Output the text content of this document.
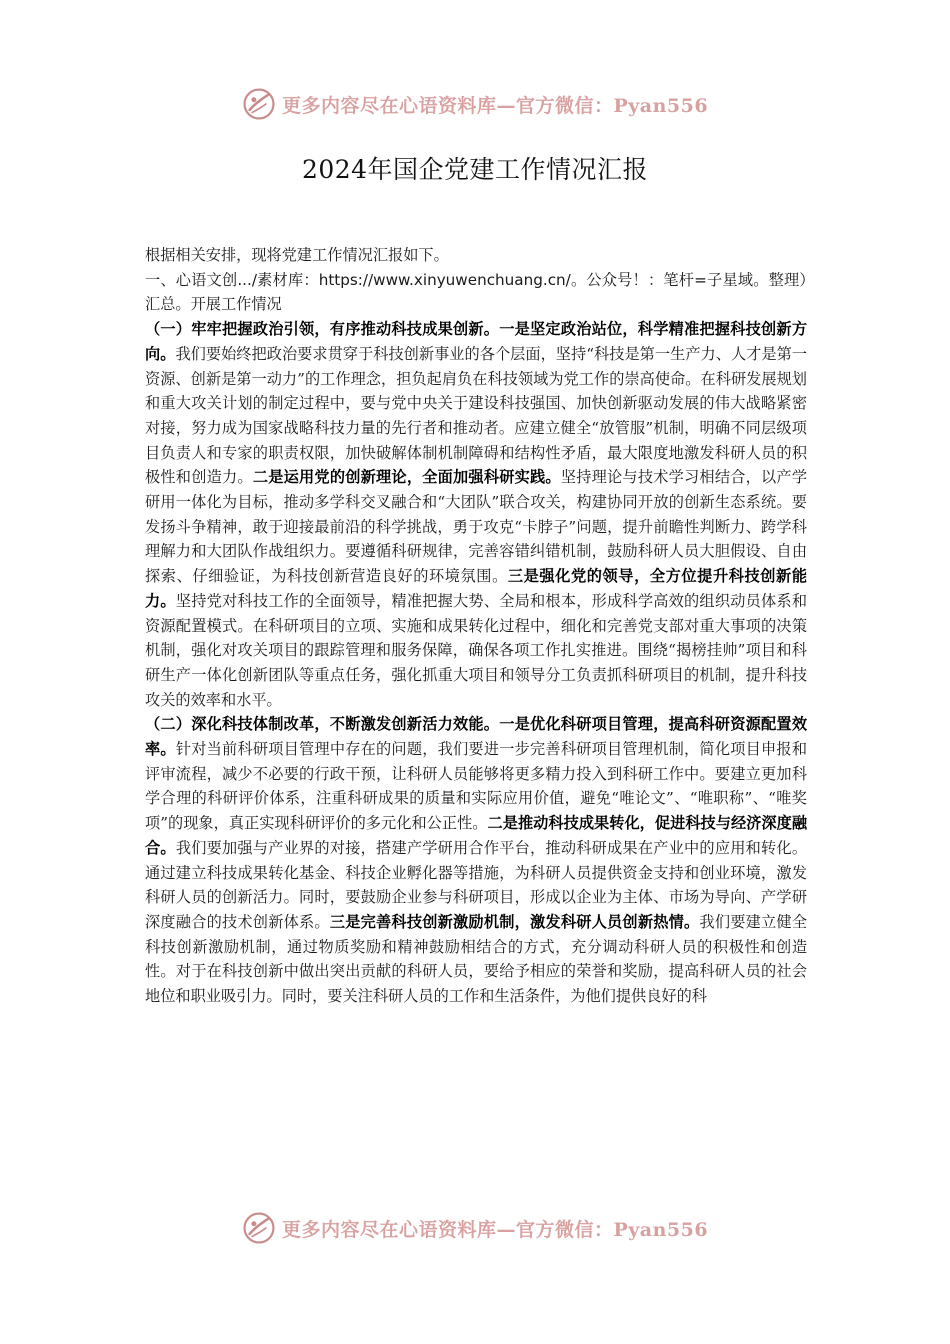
更多内容尽在心语资料库—官方微信：Pyan556
2024年国企党建工作情况汇报

根据相关安排，现将党建工作情况汇报如下。

一、心语文创.../素材库：https://www.xinyuwenchuang.cn/。公众号！：笔杆=子星域。整理）汇总。开展工作情况

（一）牢牢把握政治引领，有序推动科技成果创新。一是坚定政治站位，科学精准把握科技创新方向。我们要始终把政治要求贯穿于科技创新事业的各个层面，坚持“科技是第一生产力、人才是第一资源、创新是第一动力”的工作理念，担负起肩负在科技领域为党工作的崇高使命。在科研发展规划和重大攻关计划的制定过程中，要与党中央关于建设科技强国、加快创新驱动发展的伟大战略紧密对接，努力成为国家战略科技力量的先行者和推动者。应建立健全“放管服”机制，明确不同层级项目负责人和专家的职责权限，加快破解体制机制障碍和结构性矛盾，最大限度地激发科研人员的积极性和创造力。二是运用党的创新理论，全面加强科研实践。坚持理论与技术学习相结合，以产学研用一体化为目标，推动多学科交叉融合和“大团队”联合攻关，构建协同开放的创新生态系统。要发扬斗争精神，敢于迎接最前沿的科学挑战，勇于攻克“卡脖子”问题，提升前瞻性判断力、跨学科理解力和大团队作战组织力。要遵循科研规律，完善容错纠错机制，鼓励科研人员大胆假设、自由探索、仔细验证，为科技创新营造良好的环境氛围。三是强化党的领导，全方位提升科技创新能力。坚持党对科技工作的全面领导，精准把握大势、全局和根本，形成科学高效的组织动员体系和资源配置模式。在科研项目的立项、实施和成果转化过程中，细化和完善党支部对重大事项的决策机制，强化对攻关项目的跟踪管理和服务保障，确保各项工作扎实推进。围绕“揭榜挂帅”项目和科研生产一体化创新团队等重点任务，强化抓重大项目和领导分工负责抓科研项目的机制，提升科技攻关的效率和水平。

（二）深化科技体制改革，不断激发创新活力效能。一是优化科研项目管理，提高科研资源配置效率。针对当前科研项目管理中存在的问题，我们要进一步完善科研项目管理机制，简化项目申报和评审流程，减少不必要的行政干预，让科研人员能够将更多精力投入到科研工作中。要建立更加科学合理的科研评价体系，注重科研成果的质量和实际应用价值，避免“唯论文”、“唯职称”、“唯奖项”的现象，真正实现科研评价的多元化和公正性。二是推动科技成果转化，促进科技与经济深度融合。我们要加强与产业界的对接，搭建产学研用合作平台，推动科研成果在产业中的应用和转化。通过建立科技成果转化基金、科技企业孵化器等措施，为科研人员提供资金支持和创业环境，激发科研人员的创新活力。同时，要鼓励企业参与科研项目，形成以企业为主体、市场为导向、产学研深度融合的技术创新体系。三是完善科技创新激励机制，激发科研人员创新热情。我们要建立健全科技创新激励机制，通过物质奖励和精神鼓励相结合的方式，充分调动科研人员的积极性和创造性。对于在科技创新中做出突出贡献的科研人员，要给予相应的荣誉和奖励，提高科研人员的社会地位和职业吸引力。同时，要关注科研人员的工作和生活条件，为他们提供良好的科

更多内容尽在心语资料库—官方微信：Pyan556
